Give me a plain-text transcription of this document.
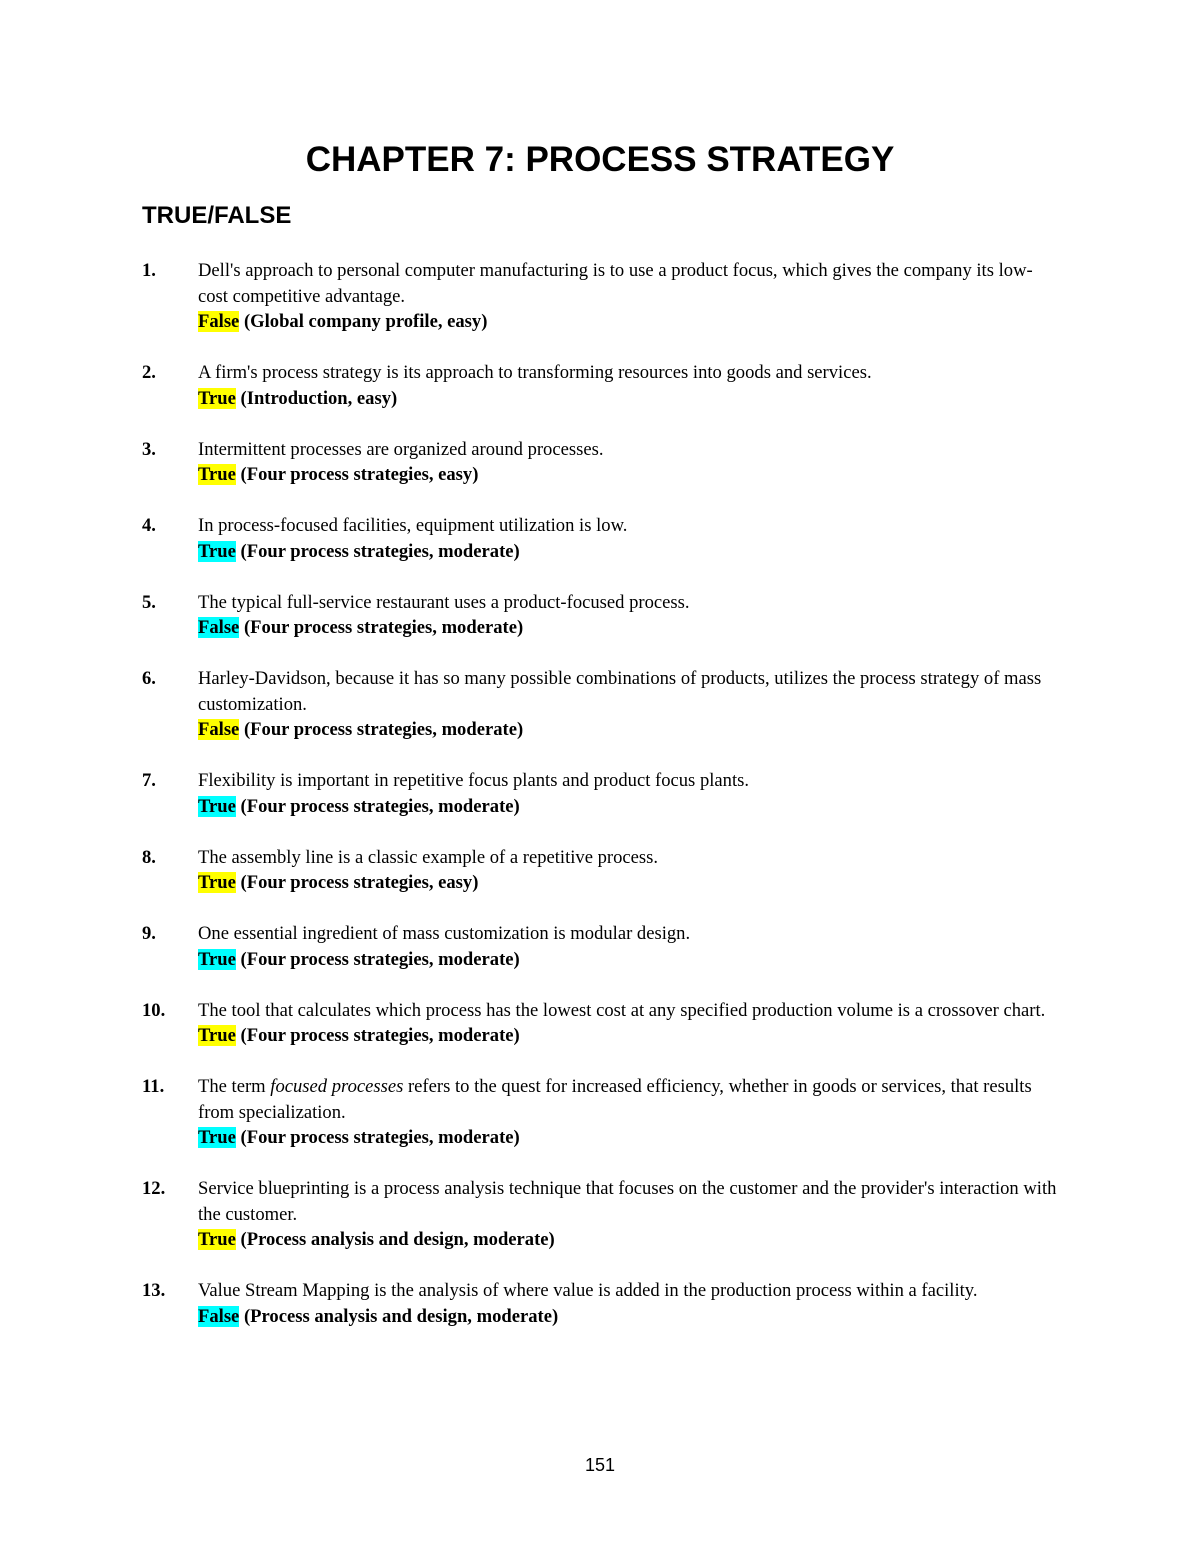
CHAPTER 7: PROCESS STRATEGY
TRUE/FALSE
1. Dell's approach to personal computer manufacturing is to use a product focus, which gives the company its low-cost competitive advantage.
False (Global company profile, easy)
2. A firm's process strategy is its approach to transforming resources into goods and services.
True (Introduction, easy)
3. Intermittent processes are organized around processes.
True (Four process strategies, easy)
4. In process-focused facilities, equipment utilization is low.
True (Four process strategies, moderate)
5. The typical full-service restaurant uses a product-focused process.
False (Four process strategies, moderate)
6. Harley-Davidson, because it has so many possible combinations of products, utilizes the process strategy of mass customization.
False (Four process strategies, moderate)
7. Flexibility is important in repetitive focus plants and product focus plants.
True (Four process strategies, moderate)
8. The assembly line is a classic example of a repetitive process.
True (Four process strategies, easy)
9. One essential ingredient of mass customization is modular design.
True (Four process strategies, moderate)
10. The tool that calculates which process has the lowest cost at any specified production volume is a crossover chart.
True (Four process strategies, moderate)
11. The term focused processes refers to the quest for increased efficiency, whether in goods or services, that results from specialization.
True (Four process strategies, moderate)
12. Service blueprinting is a process analysis technique that focuses on the customer and the provider's interaction with the customer.
True (Process analysis and design, moderate)
13. Value Stream Mapping is the analysis of where value is added in the production process within a facility.
False (Process analysis and design, moderate)
151
